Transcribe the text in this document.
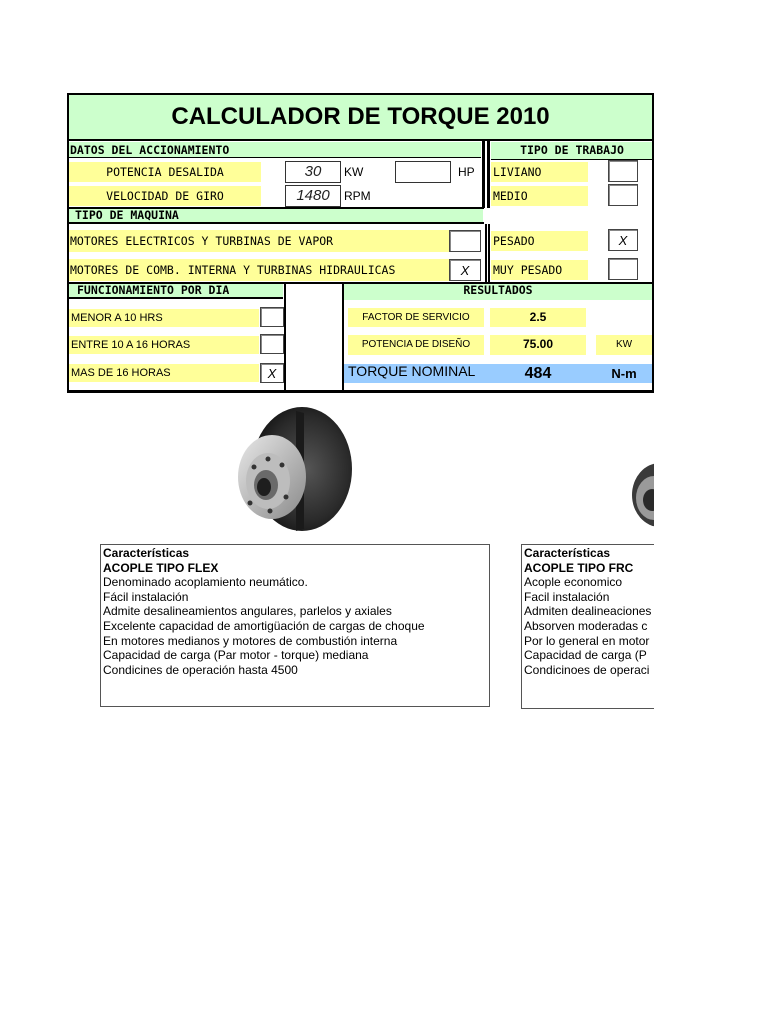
CALCULADOR DE TORQUE 2010
DATOS DEL ACCIONAMIENTO	TIPO DE TRABAJO
POTENCIA DESALIDA	30	KW	HP
VELOCIDAD DE GIRO	1480	RPM
TIPO DE MAQUINA
MOTORES ELECTRICOS Y TURBINAS DE VAPOR
MOTORES DE COMB. INTERNA Y TURBINAS HIDRAULICAS	X
LIVIANO
MEDIO
PESADO	X
MUY PESADO
FUNCIONAMIENTO POR DIA	RESULTADOS
MENOR A 10 HRS
ENTRE 10 A 16 HORAS
MAS DE 16 HORAS	X
FACTOR DE SERVICIO	2.5
POTENCIA DE DISEÑO	75.00	KW
TORQUE NOMINAL	484	N-m
Características
ACOPLE TIPO FLEX
Denominado acoplamiento neumático.
Fácil instalación
Admite desalineamientos angulares, parlelos y axiales
Excelente capacidad de amortigüación de cargas de choque
En motores medianos y motores de combustión interna
Capacidad de carga (Par motor - torque) mediana
Condicines de operación hasta 4500
Características
ACOPLE TIPO FRC
Acople economico
Facil instalación
Admiten dealineaciones
Absorven moderadas c
Por lo general en motor
Capacidad de carga (P
Condicinoes de operaci
